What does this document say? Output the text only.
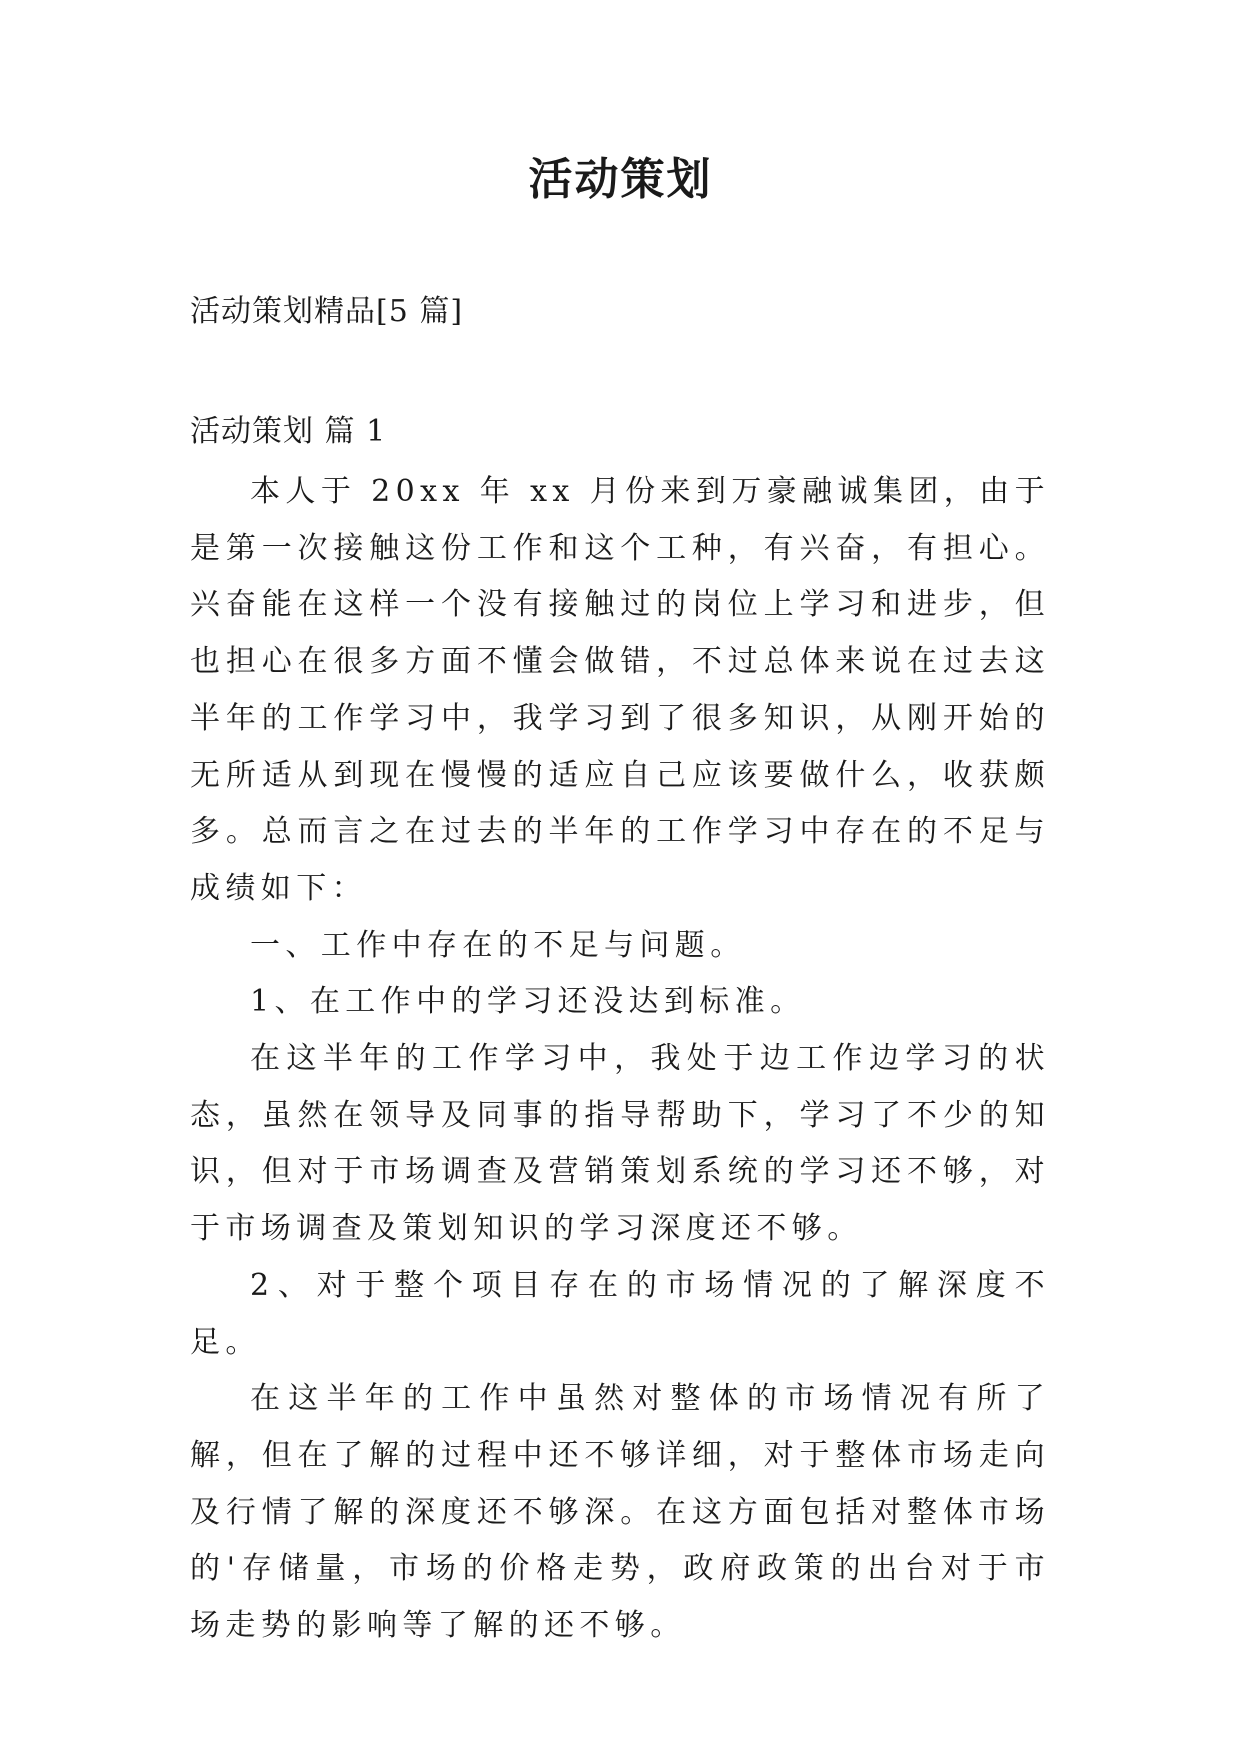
活动策划
活动策划精品[5 篇]
活动策划 篇 1

本人于 20xx 年 xx 月份来到万豪融诚集团，由于是第一次接触这份工作和这个工种，有兴奋，有担心。兴奋能在这样一个没有接触过的岗位上学习和进步，但也担心在很多方面不懂会做错，不过总体来说在过去这半年的工作学习中，我学习到了很多知识，从刚开始的无所适从到现在慢慢的适应自己应该要做什么，收获颇多。总而言之在过去的半年的工作学习中存在的不足与成绩如下：

一、工作中存在的不足与问题。

1、在工作中的学习还没达到标准。

在这半年的工作学习中，我处于边工作边学习的状态，虽然在领导及同事的指导帮助下，学习了不少的知识，但对于市场调查及营销策划系统的学习还不够，对于市场调查及策划知识的学习深度还不够。

2、对于整个项目存在的市场情况的了解深度不足。

在这半年的工作中虽然对整体的市场情况有所了解，但在了解的过程中还不够详细，对于整体市场走向及行情了解的深度还不够深。在这方面包括对整体市场的'存储量，市场的价格走势，政府政策的出台对于市场走势的影响等了解的还不够。
